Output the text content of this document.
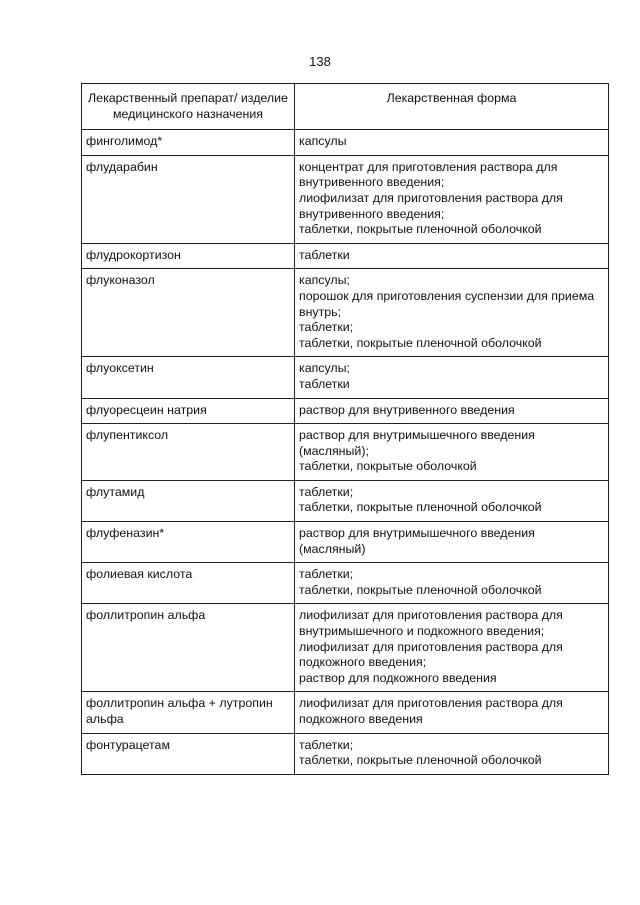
138
Лекарственный препарат/ изделие медицинского назначения	Лекарственная форма
финголимод*	капсулы

флударабин	концентрат для приготовления раствора для внутривенного введения;
лиофилизат для приготовления раствора для внутривенного введения;
таблетки, покрытые пленочной оболочкой

флудрокортизон	таблетки

флуконазол	капсулы;
порошок для приготовления суспензии для приема внутрь;
таблетки;
таблетки, покрытые пленочной оболочкой

флуоксетин	капсулы;
таблетки

флуоресцеин натрия	раствор для внутривенного введения

флупентиксол	раствор для внутримышечного введения (масляный);
таблетки, покрытые оболочкой

флутамид	таблетки;
таблетки, покрытые пленочной оболочкой

флуфеназин*	раствор для внутримышечного введения (масляный)

фолиевая кислота	таблетки;
таблетки, покрытые пленочной оболочкой

фоллитропин альфа	лиофилизат для приготовления раствора для внутримышечного и подкожного введения;
лиофилизат для приготовления раствора для подкожного введения;
раствор для подкожного введения

фоллитропин альфа + лутропин альфа	лиофилизат для приготовления раствора для подкожного введения

фонтурацетам	таблетки;
таблетки, покрытые пленочной оболочкой
